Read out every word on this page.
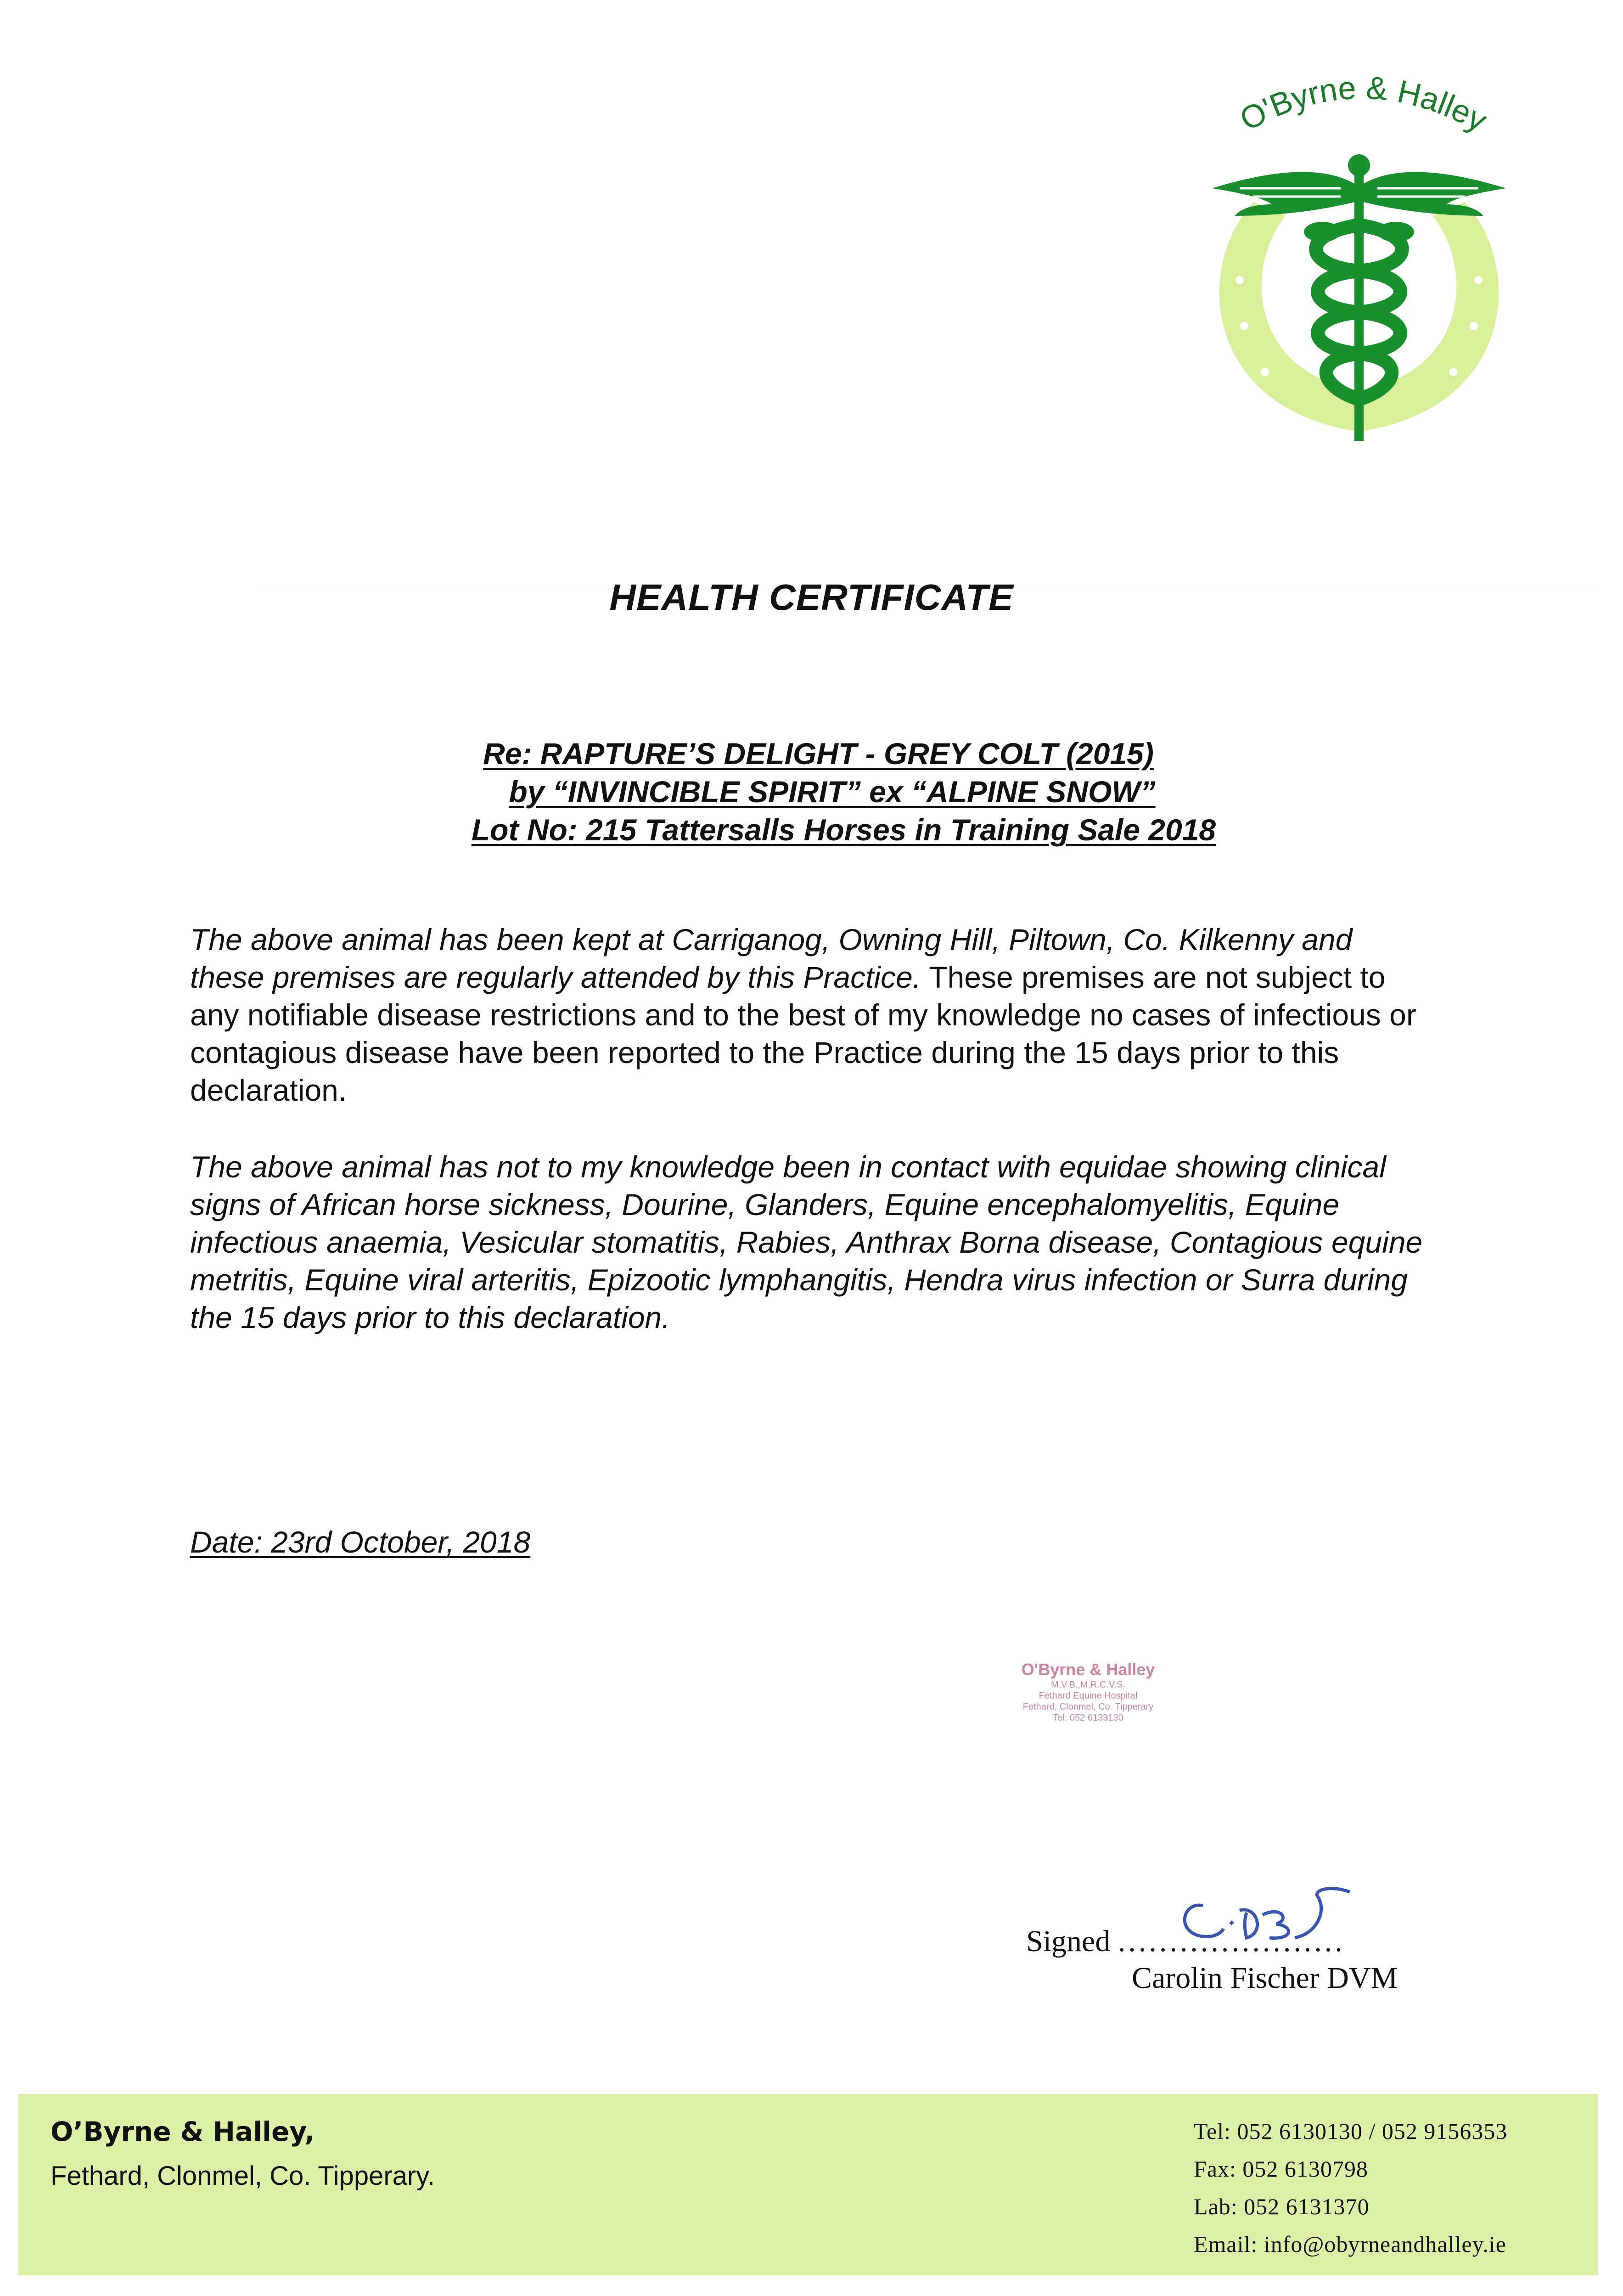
O'Byrne & Halley
HEALTH CERTIFICATE
Re: RAPTURE’S DELIGHT - GREY COLT (2015)
by “INVINCIBLE SPIRIT” ex “ALPINE SNOW”
Lot No: 215 Tattersalls Horses in Training Sale 2018
The above animal has been kept at Carriganog, Owning Hill, Piltown, Co. Kilkenny and these premises are regularly attended by this Practice. These premises are not subject to any notifiable disease restrictions and to the best of my knowledge no cases of infectious or contagious disease have been reported to the Practice during the 15 days prior to this declaration.
The above animal has not to my knowledge been in contact with equidae showing clinical signs of African horse sickness, Dourine, Glanders, Equine encephalomyelitis, Equine infectious anaemia, Vesicular stomatitis, Rabies, Anthrax Borna disease, Contagious equine metritis, Equine viral arteritis, Epizootic lymphangitis, Hendra virus infection or Surra during the 15 days prior to this declaration.
Date: 23rd October, 2018
O'Byrne & Halley
M.V.B.,M.R.C.V.S.
Fethard Equine Hospital
Fethard, Clonmel, Co. Tipperary
Tel: 052 6133130
Signed ......................
Carolin Fischer DVM
O’Byrne & Halley,
Fethard, Clonmel, Co. Tipperary.
Tel: 052 6130130 / 052 9156353
Fax: 052 6130798
Lab: 052 6131370
Email: info@obyrneandhalley.ie
